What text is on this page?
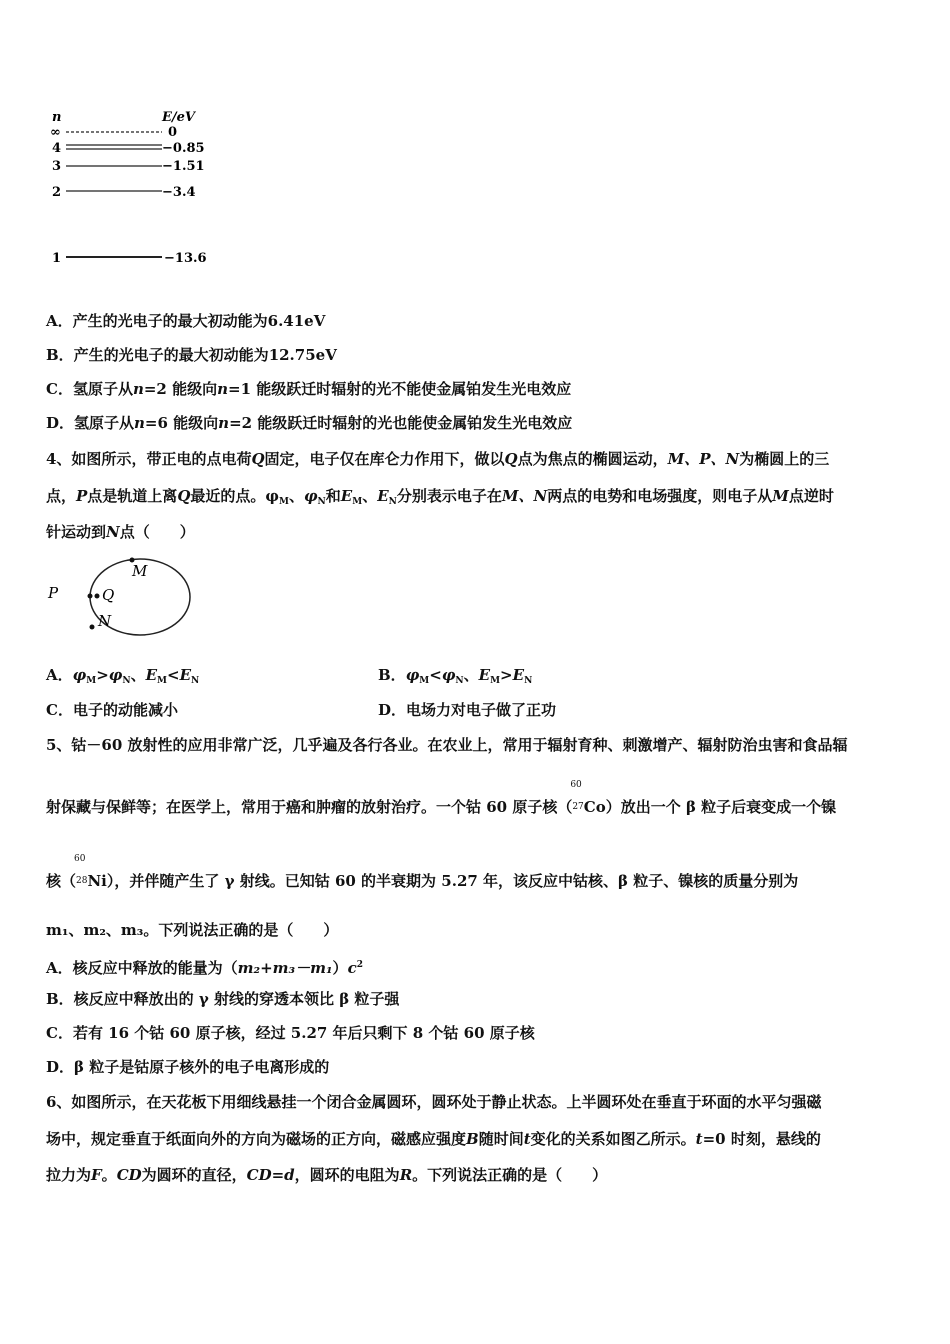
n	E/eV
∞	0
4	−0.85
3	−1.51
2	−3.4
1	−13.6
A．产生的光电子的最大初动能为6.41eV
B．产生的光电子的最大初动能为12.75eV
C．氢原子从n=2 能级向n=1 能级跃迁时辐射的光不能使金属铂发生光电效应
D．氢原子从n=6 能级向n=2 能级跃迁时辐射的光也能使金属铂发生光电效应
4、如图所示，带正电的点电荷Q固定，电子仅在库仑力作用下，做以Q点为焦点的椭圆运动，M、P、N为椭圆上的三
点，P点是轨道上离Q最近的点。$\varphi_M$、$\varphi_N$和$E_M$、$E_N$分别表示电子在M、N两点的电势和电场强度，则电子从M点逆时
针运动到N点（　　）
P	Q
M
N
A．$\varphi_M>\varphi_N$、$E_M<E_N$	B．$\varphi_M<\varphi_N$、$E_M>E_N$
C．电子的动能减小	D．电场力对电子做了正功
5、钴－60 放射性的应用非常广泛，几乎遍及各行各业。在农业上，常用于辐射育种、刺激增产、辐射防治虫害和食品辐
射保藏与保鲜等；在医学上，常用于癌和肿瘤的放射治疗。一个钴 60 原子核（
60
$^{27}$Co）放出一个 β 粒子后衰变成一个镍
核（
60
$^{28}$Ni），并伴随产生了 γ 射线。已知钴 60 的半衰期为 5.27 年，该反应中钴核、β 粒子、镍核的质量分别为
m₁、m₂、m₃。下列说法正确的是（　　）
A．核反应中释放的能量为$(m_2+m_3-m_1)c^2$
B．核反应中释放出的 γ 射线的穿透本领比 β 粒子强
C．若有 16 个钴 60 原子核，经过 5.27 年后只剩下 8 个钴 60 原子核
D．β 粒子是钴原子核外的电子电离形成的
6、如图所示，在天花板下用细线悬挂一个闭合金属圆环，圆环处于静止状态。上半圆环处在垂直于环面的水平匀强磁
场中，规定垂直于纸面向外的方向为磁场的正方向，磁感应强度B随时间t变化的关系如图乙所示。t=0 时刻，悬线的
拉力为F。CD为圆环的直径，CD=d，圆环的电阻为R。下列说法正确的是（　　）
